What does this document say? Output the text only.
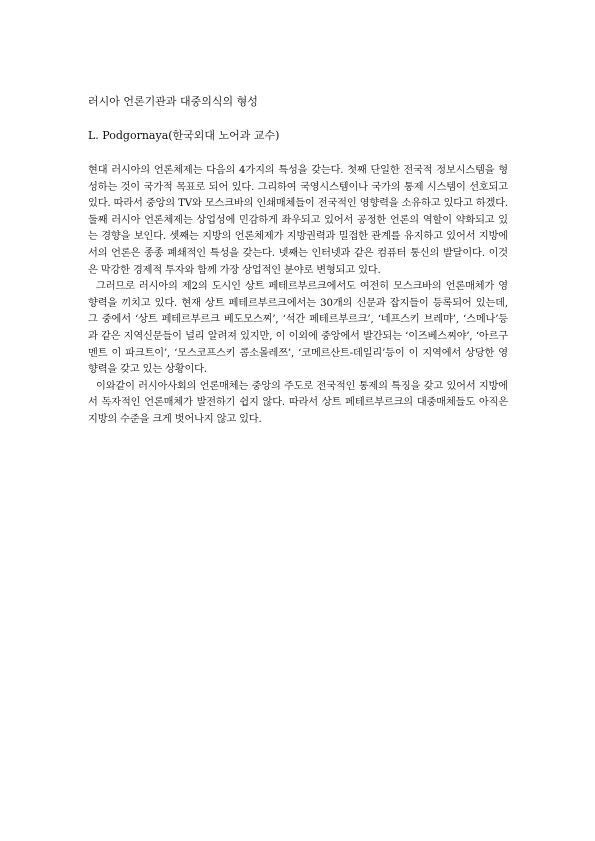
러시아 언론기관과 대중의식의 형성
L. Podgornaya(한국외대 노어과 교수)

현대 러시아의 언론체제는 다음의 4가지의 특성을 갖는다. 첫째 단일한 전국적 정보시스템을 형성하는 것이 국가적 목표로 되어 있다. 그리하여 국영시스템이나 국가의 통제 시스템이 선호되고 있다. 따라서 중앙의 TV와 모스크바의 인쇄매체들이 전국적인 영향력을 소유하고 있다고 하겠다. 둘째 러시아 언론체제는 상업성에 민감하게 좌우되고 있어서 공정한 언론의 역할이 약화되고 있는 경향을 보인다. 셋째는 지방의 언론체제가 지방권력과 밀접한 관계를 유지하고 있어서 지방에서의 언론은 종종 폐쇄적인 특성을 갖는다. 넷째는 인터넷과 같은 컴퓨터 통신의 발달이다. 이것은 막강한 경제적 투자와 함께 가장 상업적인 분야로 변형되고 있다.

그러므로 러시아의 제2의 도시인 상트 페테르부르크에서도 여전히 모스크바의 언론매체가 영향력을 끼치고 있다. 현재 상트 페테르부르크에서는 30개의 신문과 잡지들이 등록되어 있는데, 그 중에서 ‘상트 페테르부르크 베도모스찌’, ‘석간 페테르부르크’, ‘네프스키 브레먀’, ‘스메나’등과 같은 지역신문들이 널리 알려져 있지만, 이 이외에 중앙에서 발간되는 ‘이즈베스찌야’, ‘아르구멘트 이 파크트이’, ‘모스코프스키 콤소몰레쯔’, ‘코메르산트-데일리’등이 이 지역에서 상당한 영향력을 갖고 있는 상황이다.

이와같이 러시아사회의 언론매체는 중앙의 주도로 전국적인 통제의 특징을 갖고 있어서 지방에서 독자적인 언론매체가 발전하기 쉽지 않다. 따라서 상트 페테르부르크의 대중매체들도 아직은 지방의 수준을 크게 벗어나지 않고 있다.
